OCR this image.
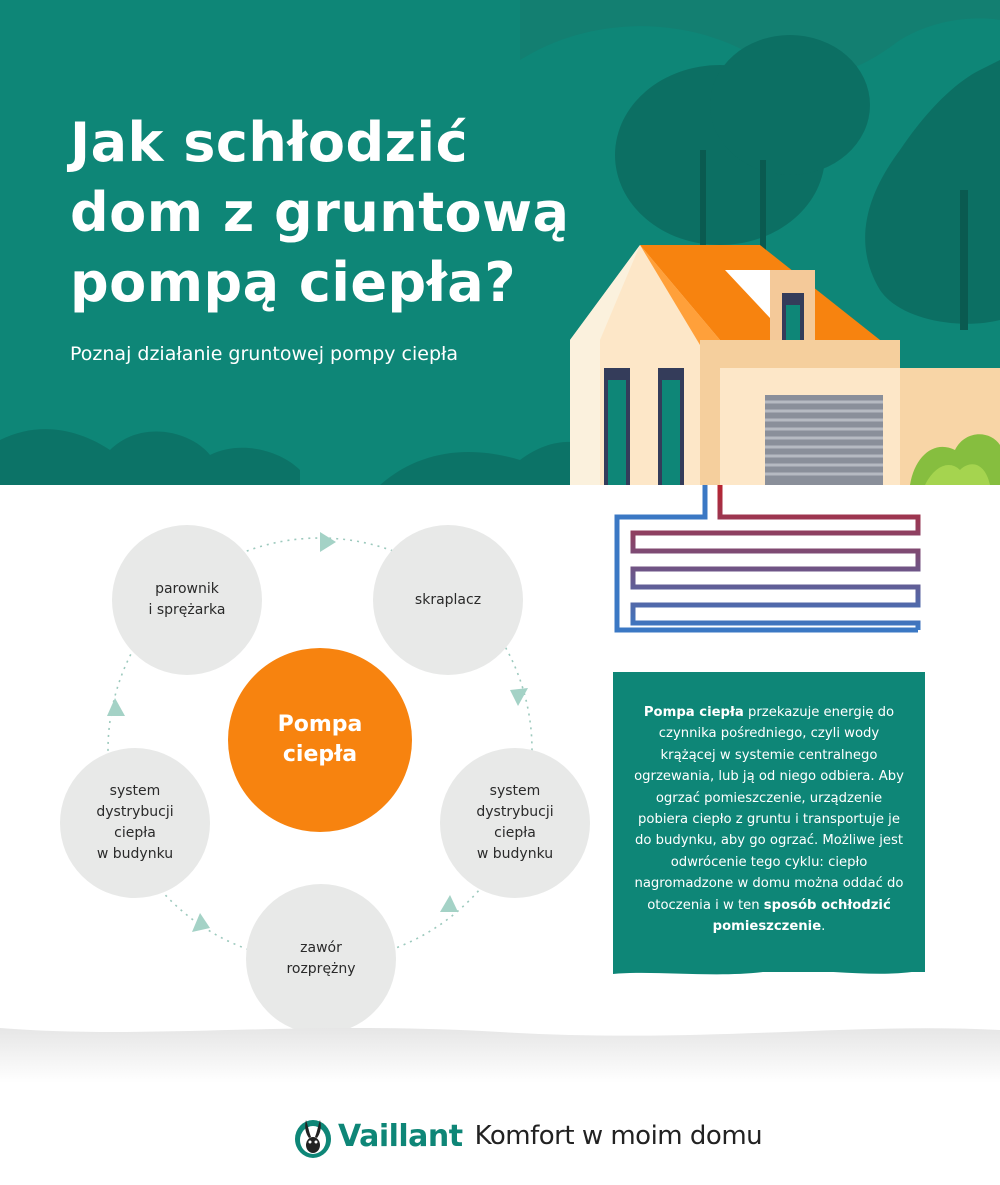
Jak schłodzić
dom z gruntową
pompą ciepła?

Poznaj działanie gruntowej pompy ciepła

parownik
i sprężarka
skraplacz
system
dystrybucji
ciepła
w budynku
zawór
rozprężny
system
dystrybucji
ciepła
w budynku
Pompa
ciepła

Pompa ciepła przekazuje energię do czynnika pośredniego, czyli wody krążącej w systemie centralnego ogrzewania, lub ją od niego odbiera. Aby ogrzać pomieszczenie, urządzenie pobiera ciepło z gruntu i transportuje je do budynku, aby go ogrzać. Możliwe jest odwrócenie tego cyklu: ciepło nagromadzone w domu można oddać do otoczenia i w ten sposób ochłodzić pomieszczenie.

Vaillant Komfort w moim domu
